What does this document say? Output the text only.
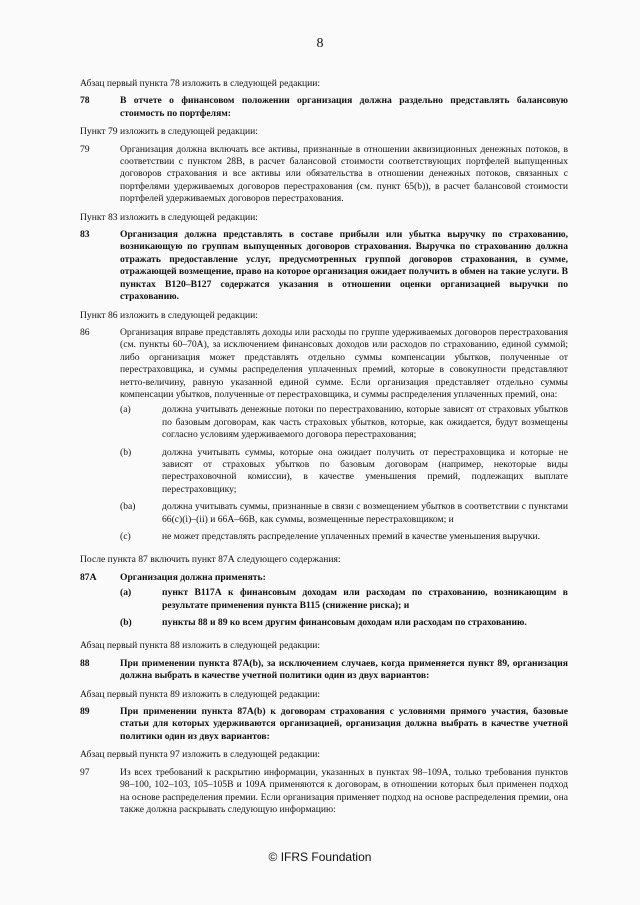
8

Абзац первый пункта 78 изложить в следующей редакции:

78	В отчете о финансовом положении организация должна раздельно представлять балансовую стоимость по портфелям:

Пункт 79 изложить в следующей редакции:

79	Организация должна включать все активы, признанные в отношении аквизиционных денежных потоков, в соответствии с пунктом 28В, в расчет балансовой стоимости соответствующих портфелей выпущенных договоров страхования и все активы или обязательства в отношении денежных потоков, связанных с портфелями удерживаемых договоров перестрахования (см. пункт 65(b)), в расчет балансовой стоимости портфелей удерживаемых договоров перестрахования.

Пункт 83 изложить в следующей редакции:

83	Организация должна представлять в составе прибыли или убытка выручку по страхованию, возникающую по группам выпущенных договоров страхования. Выручка по страхованию должна отражать предоставление услуг, предусмотренных группой договоров страхования, в сумме, отражающей возмещение, право на которое организация ожидает получить в обмен на такие услуги. В пунктах В120–В127 содержатся указания в отношении оценки организацией выручки по страхованию.

Пункт 86 изложить в следующей редакции:

86	Организация вправе представлять доходы или расходы по группе удерживаемых договоров перестрахования (см. пункты 60–70А), за исключением финансовых доходов или расходов по страхованию, единой суммой; либо организация может представлять отдельно суммы компенсации убытков, полученные от перестраховщика, и суммы распределения уплаченных премий, которые в совокупности представляют нетто-величину, равную указанной единой сумме. Если организация представляет отдельно суммы компенсации убытков, полученные от перестраховщика, и суммы распределения уплаченных премий, она:
(a)	должна учитывать денежные потоки по перестрахованию, которые зависят от страховых убытков по базовым договорам, как часть страховых убытков, которые, как ожидается, будут возмещены согласно условиям удерживаемого договора перестрахования;
(b)	должна учитывать суммы, которые она ожидает получить от перестраховщика и которые не зависят от страховых убытков по базовым договорам (например, некоторые виды перестраховочной комиссии), в качестве уменьшения премий, подлежащих выплате перестраховщику;
(ba)	должна учитывать суммы, признанные в связи с возмещением убытков в соответствии с пунктами 66(с)(i)–(ii) и 66А–66В, как суммы, возмещенные перестраховщиком; и
(c)	не может представлять распределение уплаченных премий в качестве уменьшения выручки.

После пункта 87 включить пункт 87А следующего содержания:

87А	Организация должна применять:
(a)	пункт В117А к финансовым доходам или расходам по страхованию, возникающим в результате применения пункта В115 (снижение риска); и
(b)	пункты 88 и 89 ко всем другим финансовым доходам или расходам по страхованию.

Абзац первый пункта 88 изложить в следующей редакции:

88	При применении пункта 87А(b), за исключением случаев, когда применяется пункт 89, организация должна выбрать в качестве учетной политики один из двух вариантов:

Абзац первый пункта 89 изложить в следующей редакции:

89	При применении пункта 87А(b) к договорам страхования с условиями прямого участия, базовые статьи для которых удерживаются организацией, организация должна выбрать в качестве учетной политики один из двух вариантов:

Абзац первый пункта 97 изложить в следующей редакции:

97	Из всех требований к раскрытию информации, указанных в пунктах 98–109А, только требования пунктов 98–100, 102–103, 105–105В и 109А применяются к договорам, в отношении которых был применен подход на основе распределения премии. Если организация применяет подход на основе распределения премии, она также должна раскрывать следующую информацию:
© IFRS Foundation
